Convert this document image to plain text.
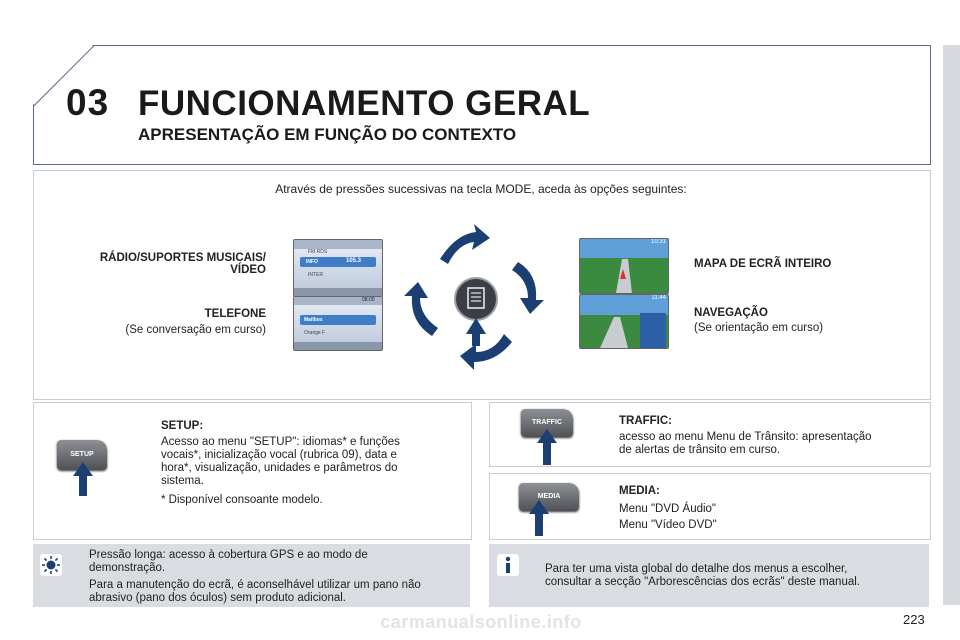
03 FUNCIONAMENTO GERAL
APRESENTAÇÃO EM FUNÇÃO DO CONTEXTO
Através de pressões sucessivas na tecla MODE, aceda às opções seguintes:
RÁDIO/SUPORTES MUSICAIS/
VÍDEO
TELEFONE
(Se conversação em curso)
MAPA DE ECRÃ INTEIRO
NAVEGAÇÃO
(Se orientação em curso)
FM RDS
INFO	105.3
INTER
08:00
Mailbox
Orange F
10:31
11:44
SETUP
SETUP:
Acesso ao menu "SETUP": idiomas* e funções
vocais*, inicialização vocal (rubrica 09), data e
hora*, visualização, unidades e parâmetros do
sistema.
* Disponível consoante modelo.
TRAFFIC	TRAFFIC:
acesso ao menu Menu de Trânsito: apresentação
de alertas de trânsito em curso.
MEDIA	MEDIA:
Menu "DVD Áudio"
Menu "Vídeo DVD"
Pressão longa: acesso à cobertura GPS e ao modo de
demonstração.
Para a manutenção do ecrã, é aconselhável utilizar um pano não
abrasivo (pano dos óculos) sem produto adicional.
Para ter uma vista global do detalhe dos menus a escolher,
consultar a secção "Arborescências dos ecrãs" deste manual.
carmanualsonline.info	223
